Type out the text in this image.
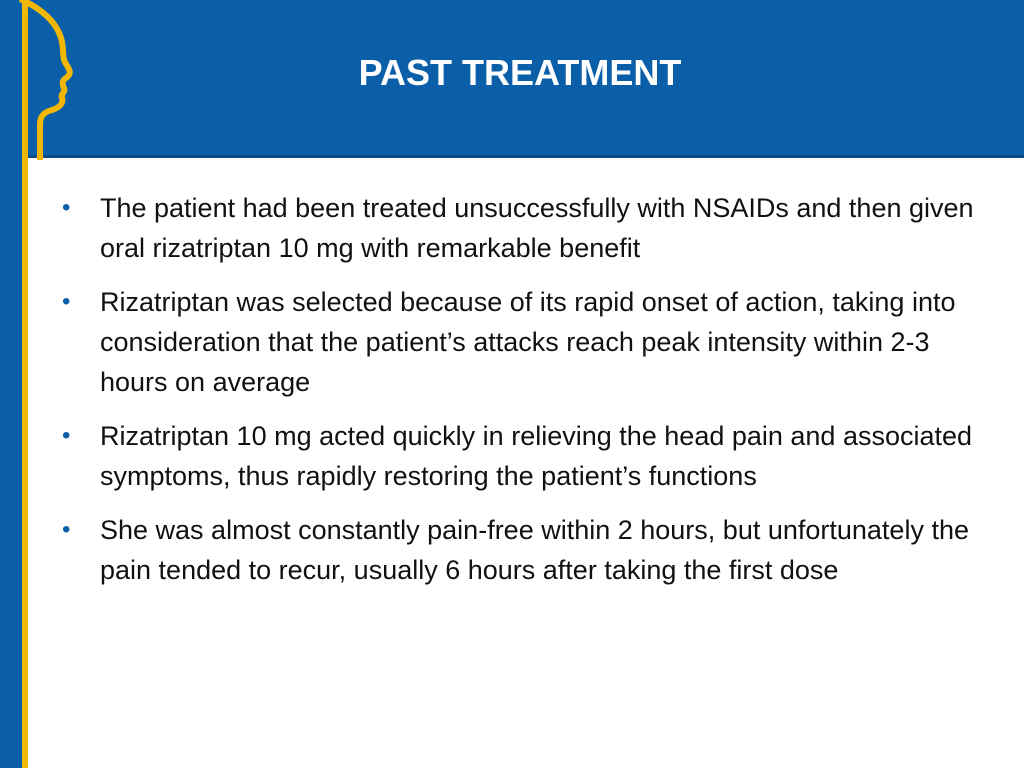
PAST TREATMENT
• The patient had been treated unsuccessfully with NSAIDs and then given oral rizatriptan 10 mg with remarkable benefit
• Rizatriptan was selected because of its rapid onset of action, taking into consideration that the patient’s attacks reach peak intensity within 2-3 hours on average
• Rizatriptan 10 mg acted quickly in relieving the head pain and associated symptoms, thus rapidly restoring the patient’s functions
• She was almost constantly pain-free within 2 hours, but unfortunately the pain tended to recur, usually 6 hours after taking the first dose
